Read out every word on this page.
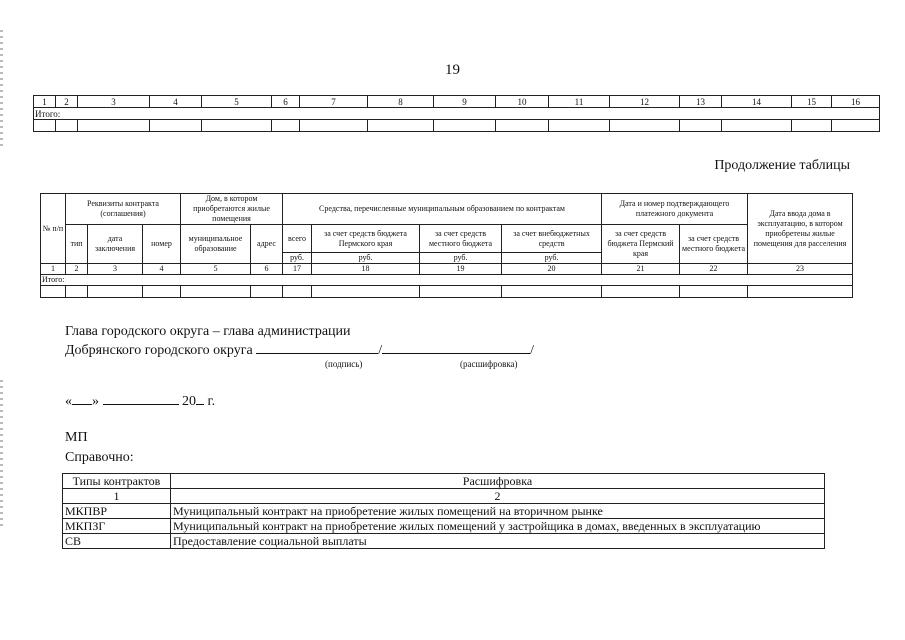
19
1	2	3	4	5	6	7	8	9	10	11	12	13	14	15	16
Итого:															

Продолжение таблицы
№ п/п	Реквизиты контракта (соглашения)			Дом, в котором приобретаются жилые помещения		Средства, перечисленные муниципальным образованием по контрактам				Дата и номер подтверждающего платежного документа		Дата ввода дома в эксплуатацию, в котором приобретены жилые помещения для расселения
	тип	дата заключения	номер	муниципальное образование	адрес	всего	за счет средств бюджета Пермского края	за счет средств местного бюджета	за счет внебюджетных средств	за счет средств бюджета Пермский края	за счет средств местного бюджета	
						руб.	руб.	руб.	руб.			
1	2	3	4	5	6	17	18	19	20	21	22	23
Итого:												

Глава городского округа – глава администрации
Добрянского городского округа	/	/
(подпись)	(расшифровка)
« »	20 г.
МП
Справочно:
Типы контрактов	Расшифровка
1	2
МКПВР	Муниципальный контракт на приобретение жилых помещений на вторичном рынке
МКПЗГ	Муниципальный контракт на приобретение жилых помещений у застройщика в домах, введенных в эксплуатацию
СВ	Предоставление социальной выплаты
